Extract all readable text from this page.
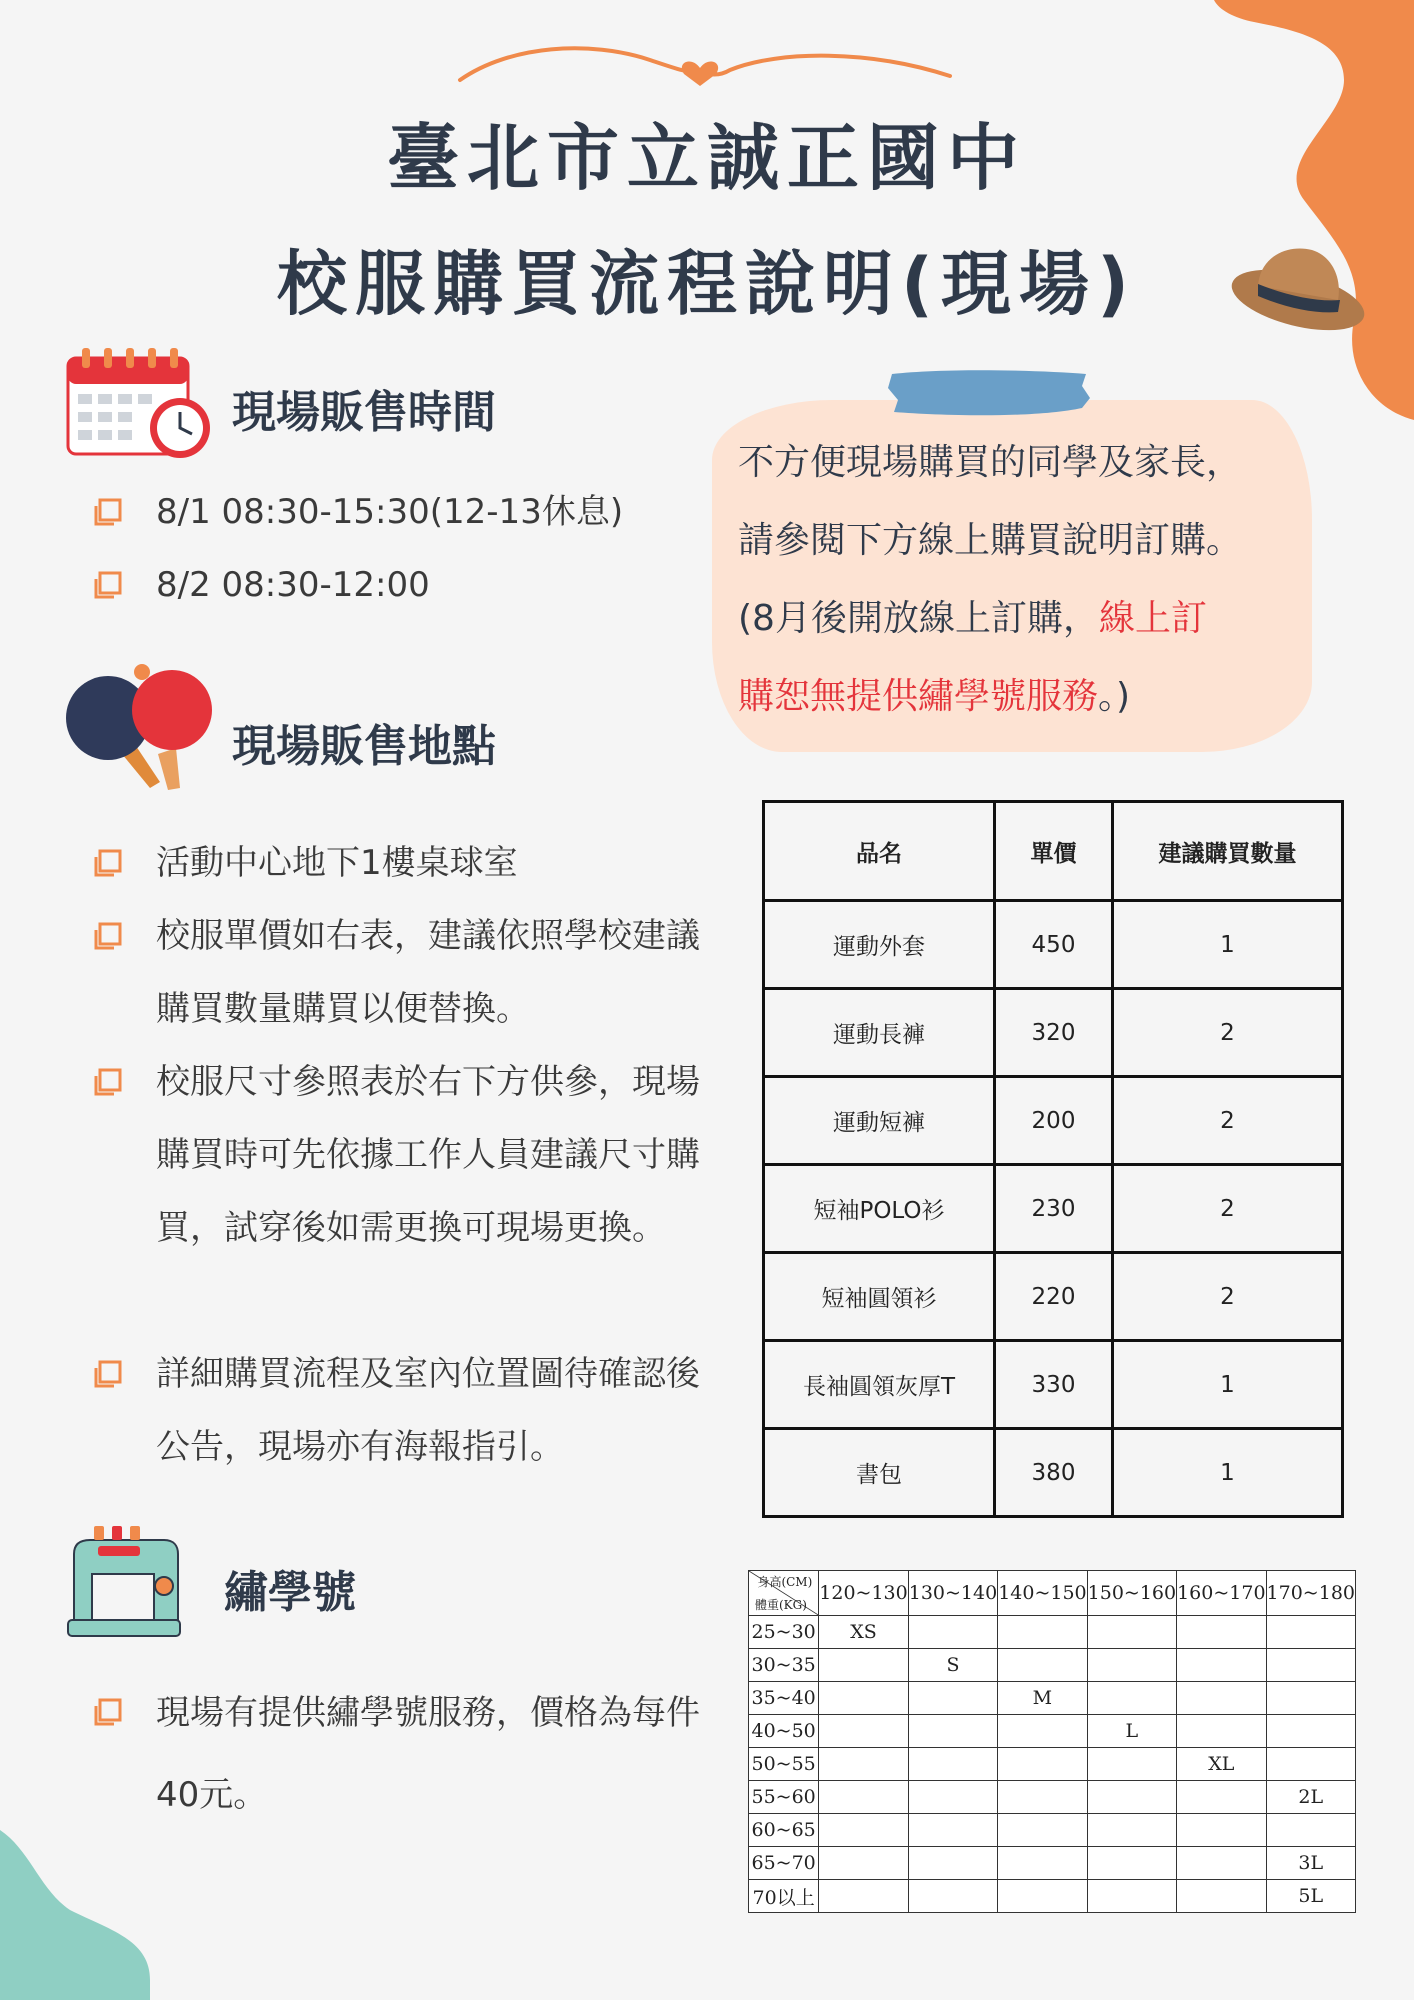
臺北市立誠正國中
校服購買流程說明(現場)
現場販售時間
8/1 08:30-15:30(12-13休息)
8/2 08:30-12:00
現場販售地點
活動中心地下1樓桌球室
校服單價如右表，建議依照學校建議購買數量購買以便替換。
校服尺寸參照表於右下方供參，現場購買時可先依據工作人員建議尺寸購買，試穿後如需更換可現場更換。
詳細購買流程及室內位置圖待確認後公告，現場亦有海報指引。
繡學號
現場有提供繡學號服務，價格為每件40元。
不方便現場購買的同學及家長，
請參閱下方線上購買說明訂購。
(8月後開放線上訂購，線上訂
購恕無提供繡學號服務。)
品名	單價	建議購買數量
運動外套	450	1
運動長褲	320	2
運動短褲	200	2
短袖POLO衫	230	2
短袖圓領衫	220	2
長袖圓領灰厚T	330	1
書包	380	1
身高(CM)
體重(KG)	120~130	130~140	140~150	150~160	160~170	170~180
25~30	XS					
30~35		S				
35~40			M			
40~50				L		
50~55					XL	
55~60						2L
60~65						
65~70						3L
70以上						5L
